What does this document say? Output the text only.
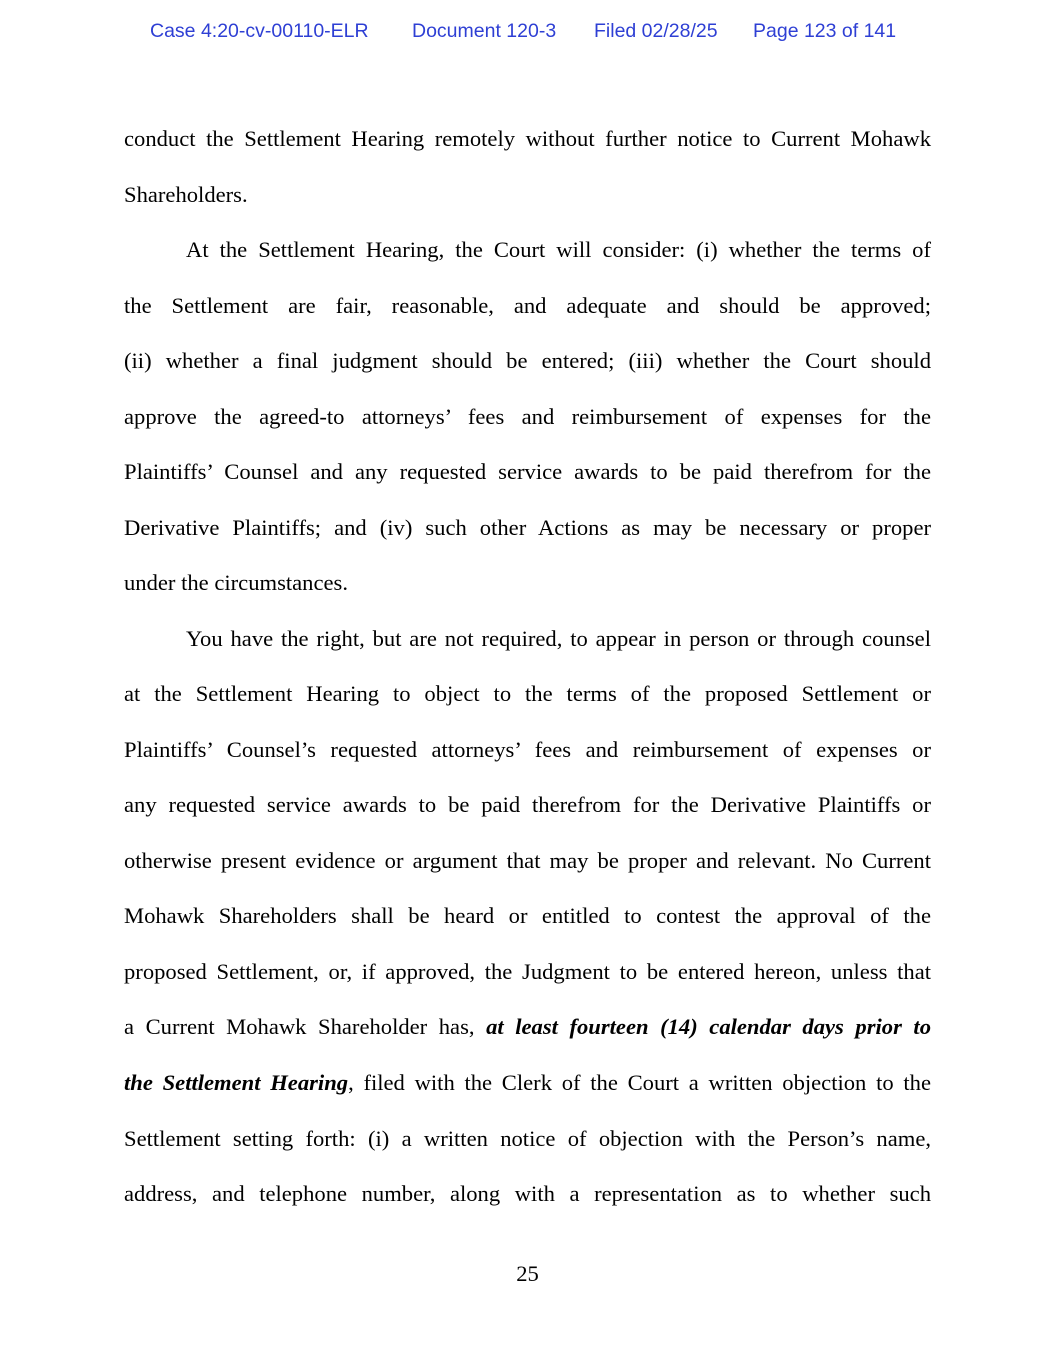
Case 4:20-cv-00110-ELR Document 120-3 Filed 02/28/25 Page 123 of 141
conduct the Settlement Hearing remotely without further notice to Current Mohawk
Shareholders.
At the Settlement Hearing, the Court will consider: (i) whether the terms of
the Settlement are fair, reasonable, and adequate and should be approved;
(ii) whether a final judgment should be entered; (iii) whether the Court should
approve the agreed-to attorneys’ fees and reimbursement of expenses for the
Plaintiffs’ Counsel and any requested service awards to be paid therefrom for the
Derivative Plaintiffs; and (iv) such other Actions as may be necessary or proper
under the circumstances.
You have the right, but are not required, to appear in person or through counsel
at the Settlement Hearing to object to the terms of the proposed Settlement or
Plaintiffs’ Counsel’s requested attorneys’ fees and reimbursement of expenses or
any requested service awards to be paid therefrom for the Derivative Plaintiffs or
otherwise present evidence or argument that may be proper and relevant. No Current
Mohawk Shareholders shall be heard or entitled to contest the approval of the
proposed Settlement, or, if approved, the Judgment to be entered hereon, unless that
a Current Mohawk Shareholder has, at least fourteen (14) calendar days prior to
the Settlement Hearing, filed with the Clerk of the Court a written objection to the
Settlement setting forth: (i) a written notice of objection with the Person’s name,
address, and telephone number, along with a representation as to whether such
25
